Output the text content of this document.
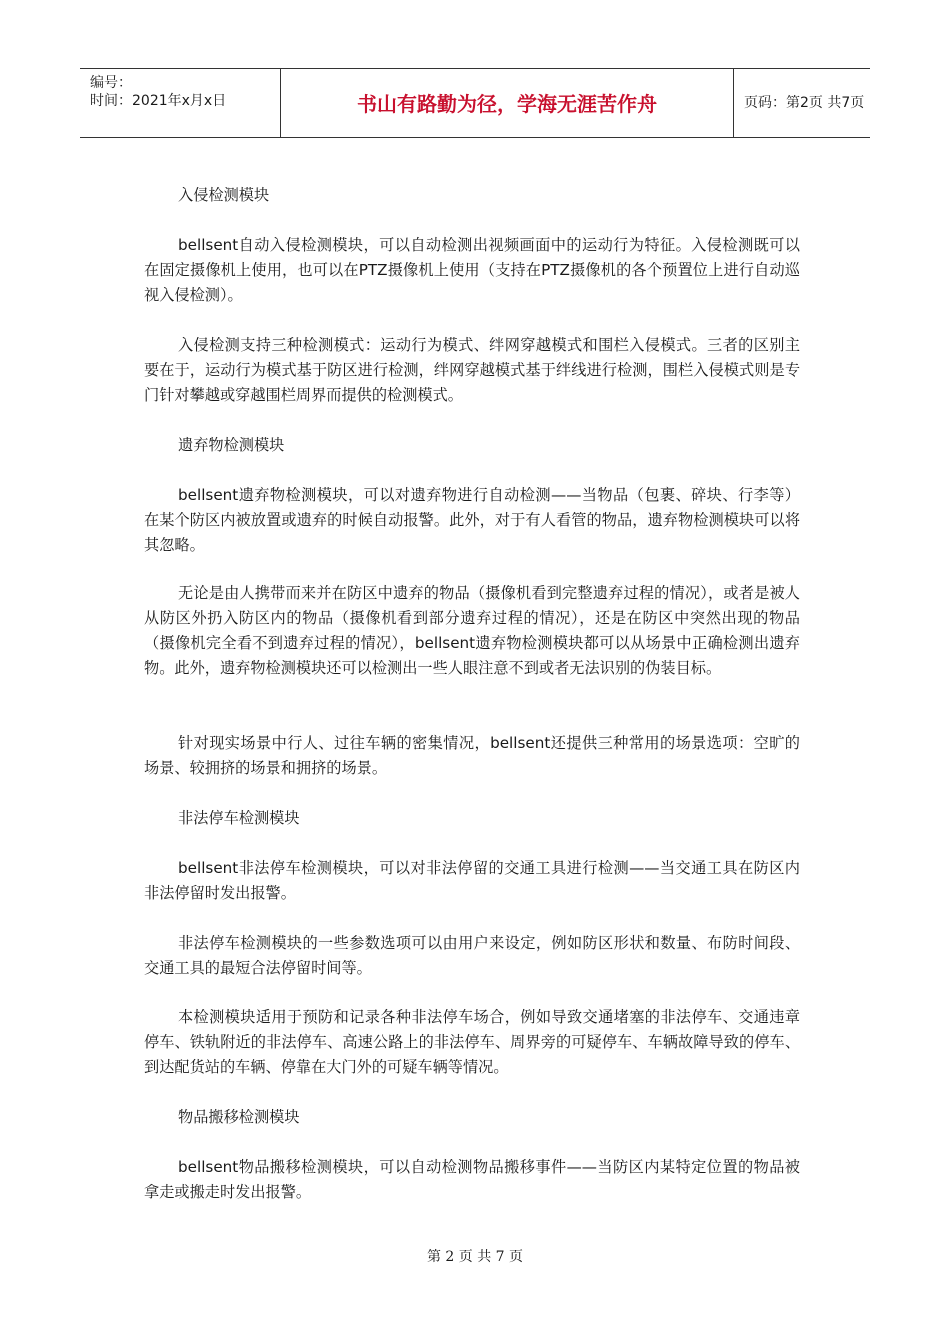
编号：
时间：2021年x月x日	书山有路勤为径，学海无涯苦作舟	页码：第2页 共7页

入侵检测模块

bellsent自动入侵检测模块，可以自动检测出视频画面中的运动行为特征。入侵检测既可以在固定摄像机上使用，也可以在PTZ摄像机上使用（支持在PTZ摄像机的各个预置位上进行自动巡视入侵检测）。

入侵检测支持三种检测模式：运动行为模式、绊网穿越模式和围栏入侵模式。三者的区别主要在于，运动行为模式基于防区进行检测，绊网穿越模式基于绊线进行检测，围栏入侵模式则是专门针对攀越或穿越围栏周界而提供的检测模式。

遗弃物检测模块

bellsent遗弃物检测模块，可以对遗弃物进行自动检测——当物品（包裹、碎块、行李等）在某个防区内被放置或遗弃的时候自动报警。此外，对于有人看管的物品，遗弃物检测模块可以将其忽略。

无论是由人携带而来并在防区中遗弃的物品（摄像机看到完整遗弃过程的情况），或者是被人从防区外扔入防区内的物品（摄像机看到部分遗弃过程的情况），还是在防区中突然出现的物品（摄像机完全看不到遗弃过程的情况），bellsent遗弃物检测模块都可以从场景中正确检测出遗弃物。此外，遗弃物检测模块还可以检测出一些人眼注意不到或者无法识别的伪装目标。

针对现实场景中行人、过往车辆的密集情况，bellsent还提供三种常用的场景选项：空旷的场景、较拥挤的场景和拥挤的场景。

非法停车检测模块

bellsent非法停车检测模块，可以对非法停留的交通工具进行检测——当交通工具在防区内非法停留时发出报警。

非法停车检测模块的一些参数选项可以由用户来设定，例如防区形状和数量、布防时间段、交通工具的最短合法停留时间等。

本检测模块适用于预防和记录各种非法停车场合，例如导致交通堵塞的非法停车、交通违章停车、铁轨附近的非法停车、高速公路上的非法停车、周界旁的可疑停车、车辆故障导致的停车、到达配货站的车辆、停靠在大门外的可疑车辆等情况。

物品搬移检测模块

bellsent物品搬移检测模块，可以自动检测物品搬移事件——当防区内某特定位置的物品被拿走或搬走时发出报警。

第 2 页 共 7 页
